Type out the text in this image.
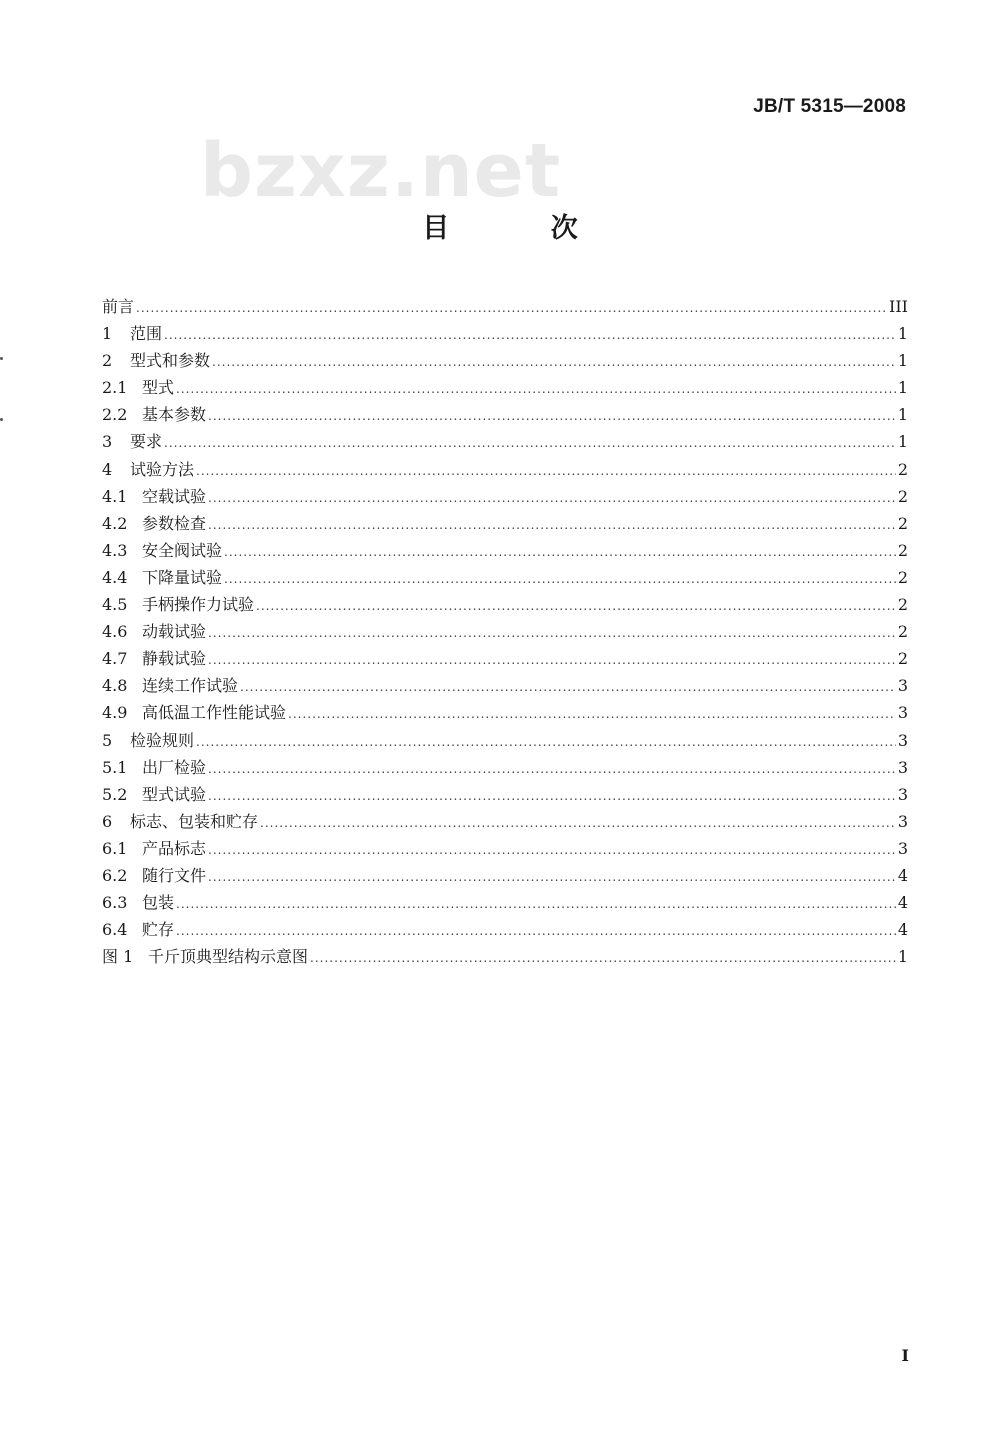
bzxz.net
JB/T 5315—2008
目 次
前言 .....	III
1	范围 .....	1
2	型式和参数 .....	1
2.1 型式 .....	1
2.2 基本参数 .....	1
3	要求 .....	1
4	试验方法 .....	2
4.1 空载试验 .....	2
4.2 参数检查 .....	2
4.3 安全阀试验 .....	2
4.4 下降量试验 .....	2
4.5 手柄操作力试验 .....	2
4.6 动载试验 .....	2
4.7 静载试验 .....	2
4.8 连续工作试验 .....	3
4.9 高低温工作性能试验 .....	3
5	检验规则 .....	3
5.1 出厂检验 .....	3
5.2 型式试验 .....	3
6	标志、包装和贮存 .....	3
6.1 产品标志 .....	3
6.2 随行文件 .....	4
6.3 包装 .....	4
6.4 贮存 .....	4
图 1 千斤顶典型结构示意图 .....	1
I
